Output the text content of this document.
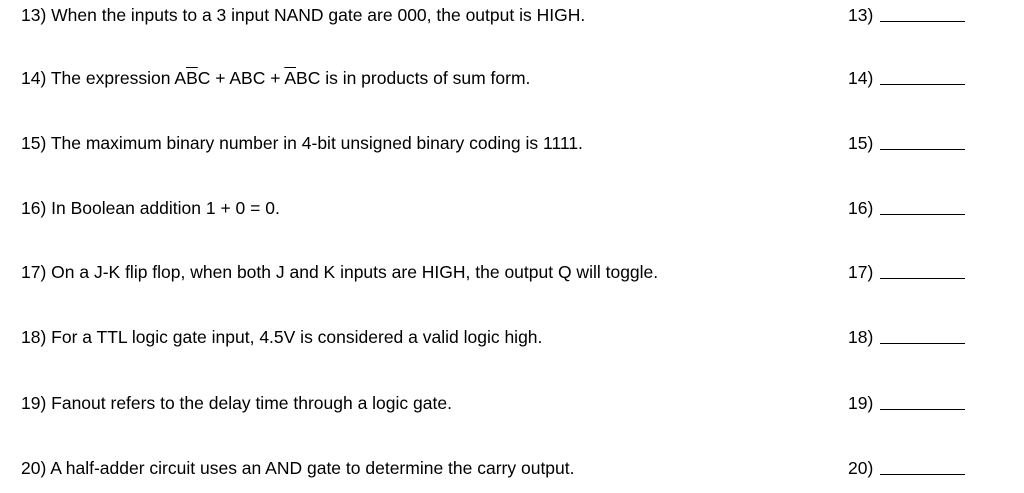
13) When the inputs to a 3 input NAND gate are 000, the output is HIGH.	13)
14) The expression $A\overline{B}C$ + ABC + $\overline{A}BC$ is in products of sum form.	14)
15) The maximum binary number in 4-bit unsigned binary coding is 1111.	15)
16) In Boolean addition 1 + 0 = 0.	16)
17) On a J-K flip flop, when both J and K inputs are HIGH, the output Q will toggle.	17)
18) For a TTL logic gate input, 4.5V is considered a valid logic high.	18)
19) Fanout refers to the delay time through a logic gate.	19)
20) A half-adder circuit uses an AND gate to determine the carry output.	20)
